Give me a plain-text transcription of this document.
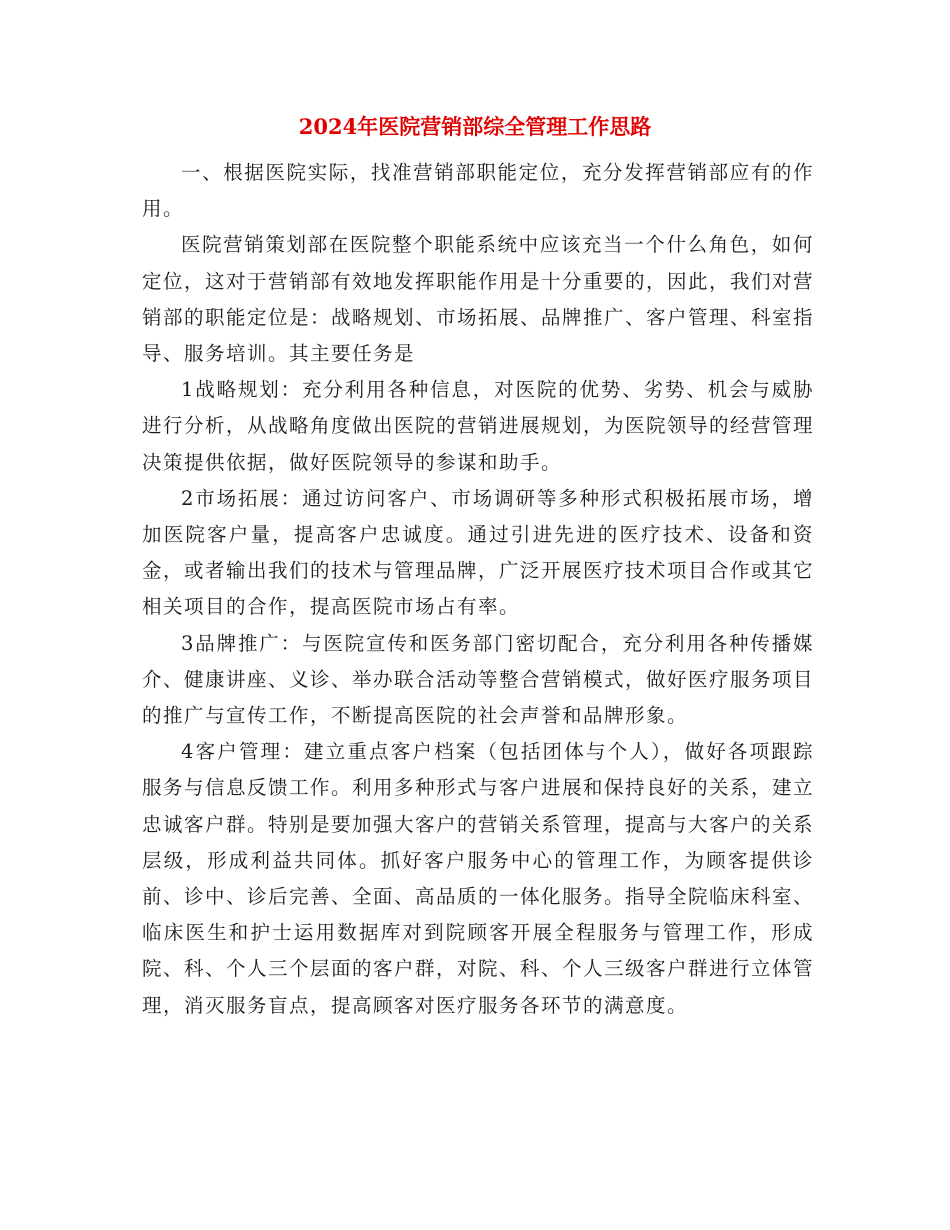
2024年医院营销部综全管理工作思路

一、根据医院实际，找准营销部职能定位，充分发挥营销部应有的作用。

医院营销策划部在医院整个职能系统中应该充当一个什么角色，如何定位，这对于营销部有效地发挥职能作用是十分重要的，因此，我们对营销部的职能定位是：战略规划、市场拓展、品牌推广、客户管理、科室指导、服务培训。其主要任务是

1战略规划：充分利用各种信息，对医院的优势、劣势、机会与威胁进行分析，从战略角度做出医院的营销进展规划，为医院领导的经营管理决策提供依据，做好医院领导的参谋和助手。

2市场拓展：通过访问客户、市场调研等多种形式积极拓展市场，增加医院客户量，提高客户忠诚度。通过引进先进的医疗技术、设备和资金，或者输出我们的技术与管理品牌，广泛开展医疗技术项目合作或其它相关项目的合作，提高医院市场占有率。

3品牌推广：与医院宣传和医务部门密切配合，充分利用各种传播媒介、健康讲座、义诊、举办联合活动等整合营销模式，做好医疗服务项目的推广与宣传工作，不断提高医院的社会声誉和品牌形象。

4客户管理：建立重点客户档案（包括团体与个人），做好各项跟踪服务与信息反馈工作。利用多种形式与客户进展和保持良好的关系，建立忠诚客户群。特别是要加强大客户的营销关系管理，提高与大客户的关系层级，形成利益共同体。抓好客户服务中心的管理工作，为顾客提供诊前、诊中、诊后完善、全面、高品质的一体化服务。指导全院临床科室、临床医生和护士运用数据库对到院顾客开展全程服务与管理工作，形成院、科、个人三个层面的客户群，对院、科、个人三级客户群进行立体管理，消灭服务盲点，提高顾客对医疗服务各环节的满意度。
